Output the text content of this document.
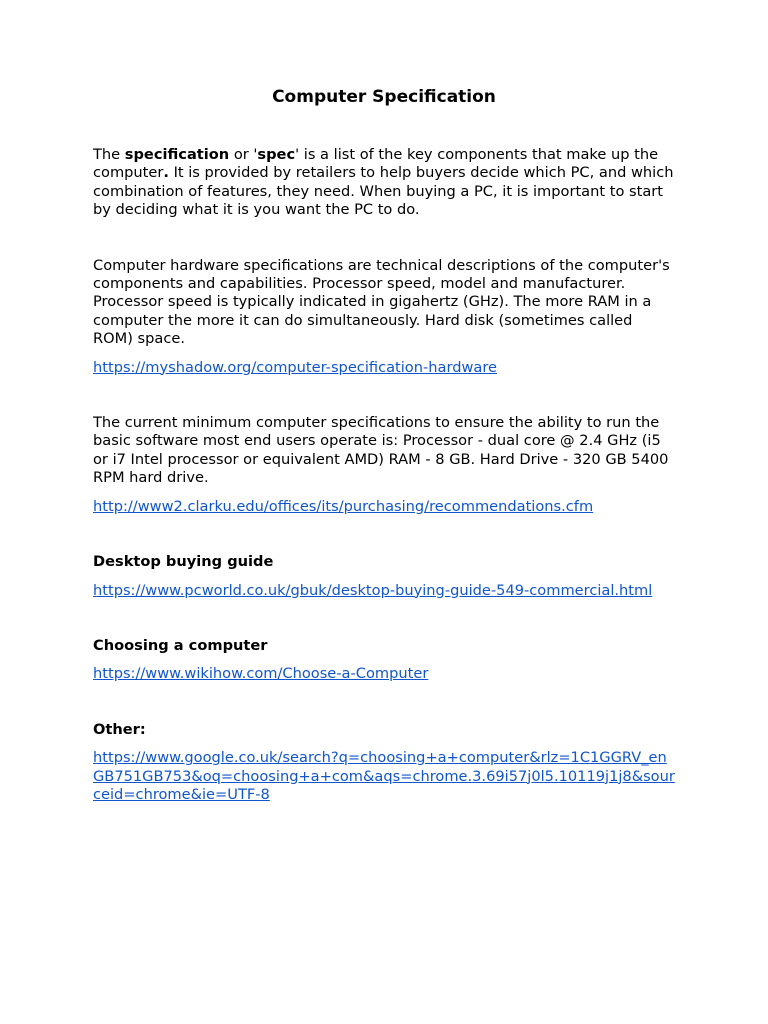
Computer Specification

The specification or 'spec' is a list of the key components that make up the computer. It is provided by retailers to help buyers decide which PC, and which combination of features, they need. When buying a PC, it is important to start by deciding what it is you want the PC to do.

Computer hardware specifications are technical descriptions of the computer's components and capabilities. Processor speed, model and manufacturer. Processor speed is typically indicated in gigahertz (GHz). The more RAM in a computer the more it can do simultaneously. Hard disk (sometimes called ROM) space.

https://myshadow.org/computer-specification-hardware

The current minimum computer specifications to ensure the ability to run the basic software most end users operate is: Processor - dual core @ 2.4 GHz (i5 or i7 Intel processor or equivalent AMD) RAM - 8 GB. Hard Drive - 320 GB 5400 RPM hard drive.

http://www2.clarku.edu/offices/its/purchasing/recommendations.cfm

Desktop buying guide

https://www.pcworld.co.uk/gbuk/desktop-buying-guide-549-commercial.html

Choosing a computer

https://www.wikihow.com/Choose-a-Computer

Other:

https://www.google.co.uk/search?q=choosing+a+computer&rlz=1C1GGRV_enGB751GB753&oq=choosing+a+com&aqs=chrome.3.69i57j0l5.10119j1j8&sourceid=chrome&ie=UTF-8
